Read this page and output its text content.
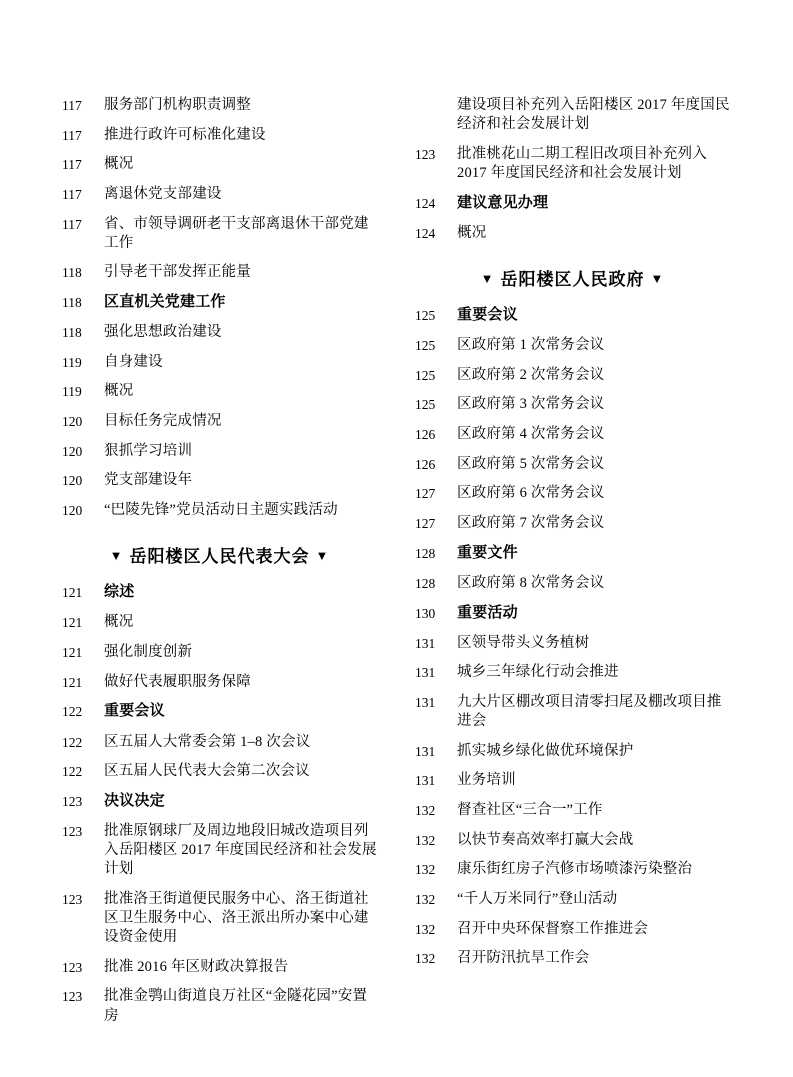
117	服务部门机构职责调整
117	推进行政许可标准化建设
117	概况
117	离退休党支部建设
117	省、市领导调研老干支部离退休干部党建工作
118	引导老干部发挥正能量
118	区直机关党建工作
118	强化思想政治建设
119	自身建设
119	概况
120	目标任务完成情况
120	狠抓学习培训
120	党支部建设年
120	“巴陵先锋”党员活动日主题实践活动
▼ 岳阳楼区人民代表大会 ▼
121	综述
121	概况
121	强化制度创新
121	做好代表履职服务保障
122	重要会议
122	区五届人大常委会第 1–8 次会议
122	区五届人民代表大会第二次会议
123	决议决定
123	批准原钢球厂及周边地段旧城改造项目列入岳阳楼区 2017 年度国民经济和社会发展计划
123	批准洛王街道便民服务中心、洛王街道社区卫生服务中心、洛王派出所办案中心建设资金使用
123	批准 2016 年区财政决算报告
123	批准金鹗山街道良万社区“金隧花园”安置房
建设项目补充列入岳阳楼区 2017 年度国民经济和社会发展计划
123	批准桃花山二期工程旧改项目补充列入 2017 年度国民经济和社会发展计划
124	建议意见办理
124	概况
▼ 岳阳楼区人民政府 ▼
125	重要会议
125	区政府第 1 次常务会议
125	区政府第 2 次常务会议
125	区政府第 3 次常务会议
126	区政府第 4 次常务会议
126	区政府第 5 次常务会议
127	区政府第 6 次常务会议
127	区政府第 7 次常务会议
128	重要文件
128	区政府第 8 次常务会议
130	重要活动
131	区领导带头义务植树
131	城乡三年绿化行动会推进
131	九大片区棚改项目清零扫尾及棚改项目推进会
131	抓实城乡绿化做优环境保护
131	业务培训
132	督查社区“三合一”工作
132	以快节奏高效率打赢大会战
132	康乐街红房子汽修市场喷漆污染整治
132	“千人万米同行”登山活动
132	召开中央环保督察工作推进会
132	召开防汛抗旱工作会
